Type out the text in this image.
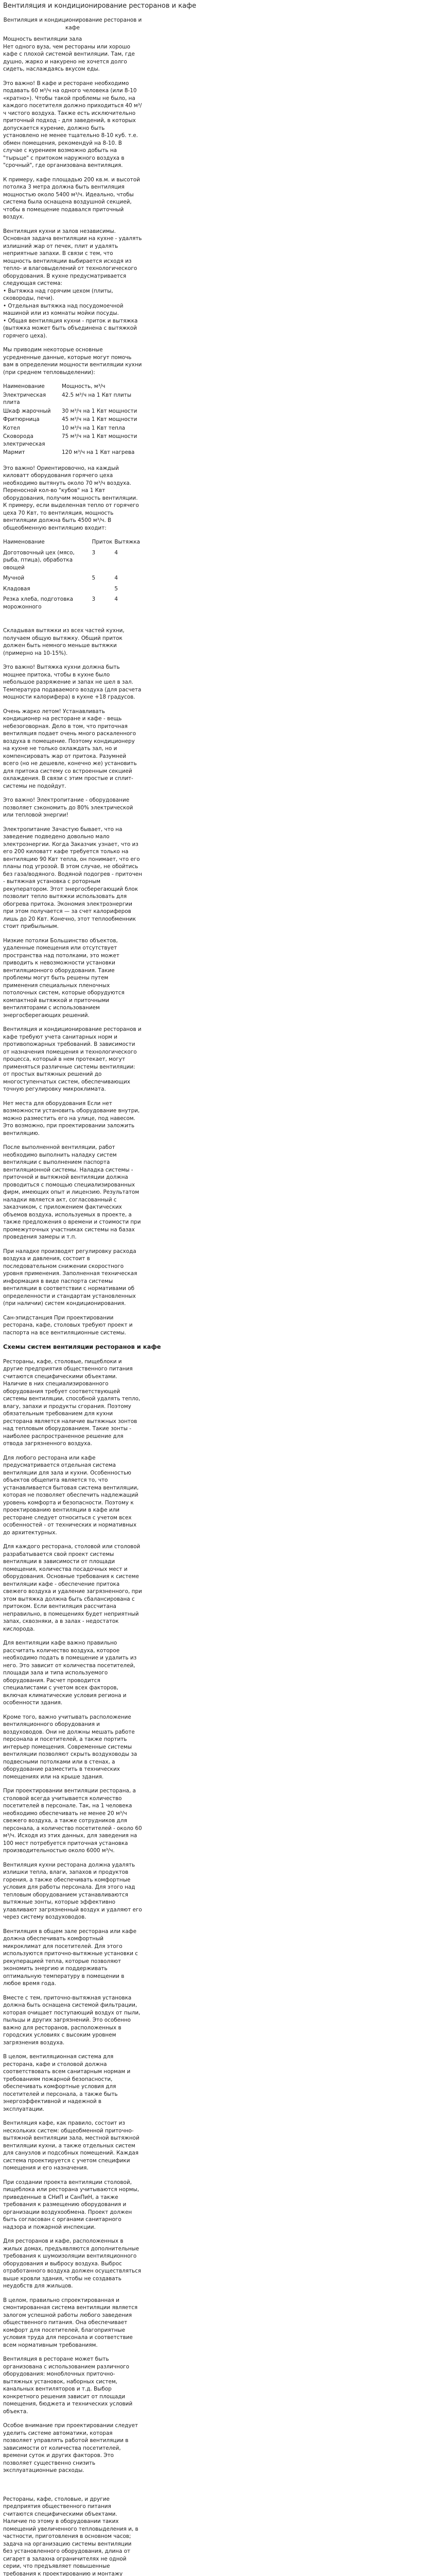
Вентиляция и кондиционирование ресторанов и кафе
Вентиляция и кондиционирование ресторанов и кафе

Мощность вентиляции зала
Нет одного вуза, чем рестораны или хорошо кафе с плохой системой вентиляции. Там, где душно, жарко и накурено не хочется долго сидеть, наслаждаясь вкусом еды.

Это важно! В кафе и ресторане необходимо подавать 60 м³/ч на одного человека (или 8-10 «кратно»). Чтобы такой проблемы не было, на каждого посетителя должно приходиться 40 м³/ч чистого воздуха. Также есть исключительно приточный подход - для заведений, в которых допускается курение, должно быть установлено не менее тщательно 8-10 куб. т.е. обмен помещения, рекомендуй на 8-10. В случае с курением возможно добыть на "тырьце" с притоком наружного воздуха в "срочный", где организована вентиляция.

К примеру, кафе площадью 200 кв.м. и высотой потолка 3 метра должна быть вентиляция мощностью около 5400 м³/ч. Идеально, чтобы система была оснащена воздушной секцией, чтобы в помещение подавался приточный воздух.

Вентиляция кухни и залов независимы. Основная задача вентиляции на кухне - удалять излишний жар от печек, плит и удалять неприятные запахи. В связи с тем, что мощность вентиляции выбирается исходя из тепло- и влаговыделений от технологического оборудования. В кухне предусматривается следующая система:
• Вытяжка над горячим цехом (плиты, сковороды, печи).
• Отдельная вытяжка над посудомоечной машиной или из комнаты мойки посуды.
• Общая вентиляция кухни - приток и вытяжка (вытяжка может быть объединена с вытяжкой горячего цеха).

Мы приводим некоторые основные усредненные данные, которые могут помочь вам в определении мощности вентиляции кухни (при среднем тепловыделении):

Наименование	Мощность, м³/ч
Электрическая плита	42.5 м³/ч на 1 Квт плиты
Шкаф жарочный	30 м³/ч на 1 Квт мощности
Фритюрница	45 м³/ч на 1 Квт мощности
Котел	10 м³/ч на 1 Квт тепла
Сковорода электрическая	75 м³/ч на 1 Квт мощности
Мармит	120 м³/ч на 1 Квт нагрева

Это важно! Ориентировочно, на каждый киловатт оборудования горячего цеха необходимо вытянуть около 70 м³/ч воздуха. Переносной кол-во "кубов" на 1 Квт оборудования, получим мощность вентиляции. К примеру, если выделенная тепло от горячего цеха 70 Квт, то вентиляция, мощность вентиляции должна быть 4500 м³/ч. В общеобменную вентиляцию входит:

Наименование	Приток	Вытяжка
Доготовочный цех (мясо, рыба, птица), обработка овощей	3	4
Мучной	5	4
Кладовая		5
Резка хлеба, подготовка морожонного	3	4

Складывая вытяжки из всех частей кухни, получаем общую вытяжку. Общий приток должен быть немного меньше вытяжки (примерно на 10-15%).

Это важно! Вытяжка кухни должна быть мощнее притока, чтобы в кухне было небольшое разряжение и запах не шел в зал. Температура подаваемого воздуха (для расчета мощности калорифера) в кухне +18 градусов.

Очень жарко летом! Устанавливать кондиционер на ресторане и кафе - вещь небезоговорная. Дело в том, что приточная вентиляция подает очень много раскаленного воздуха в помещение. Поэтому кондиционеру на кухне не только охлаждать зал, но и компенсировать жар от притока. Разумней всего (но не дешевле, конечно же) установить для притока систему со встроенным секцией охлаждения. В связи с этим простые и сплит-системы не подойдут.

Это важно! Электропитание - оборудование позволяет сэкономить до 80% электрической или тепловой энергии!

Электропитание Зачастую бывает, что на заведение подведено довольно мало электроэнергии. Когда Заказчик узнает, что из его 200 киловатт кафе требуется только на вентиляцию 90 Квт тепла, он понимает, что его планы под угрозой. В этом случае, не обойтись без газа/водяного. Водяной подогрев - приточен - вытяжная установка с роторным рекуператором. Этот энергосберегающий блок позволит тепло вытяжки использовать для обогрева притока. Экономия электроэнергии при этом получается — за счет калориферов лишь до 20 Квт. Конечно, этот теплообменник стоит прибыльным.

Низкие потолки Большинство объектов, удаленные помещения или отсутствует пространства над потолками, это может приводить к невозможности установки вентиляционного оборудования. Такие проблемы могут быть решены путем применения специальных пленочных потолочных систем, которые оборудуются компактной вытяжкой и приточными вентиляторами с использованием энергосберегающих решений.

Вентиляция и кондиционирование ресторанов и кафе требуют учета санитарных норм и противопожарных требований. В зависимости от назначения помещения и технологического процесса, который в нем протекает, могут применяться различные системы вентиляции: от простых вытяжных решений до многоступенчатых систем, обеспечивающих точную регулировку микроклимата.

Нет места для оборудования Если нет возможности установить оборудование внутри, можно разместить его на улице, под навесом. Это возможно, при проектировании заложить вентиляцию.

После выполненной вентиляции, работ необходимо выполнить наладку систем вентиляции с выполнением паспорта вентиляционной системы. Наладка системы - приточной и вытяжной вентиляции должна проводиться с помощью специализированных фирм, имеющих опыт и лицензию. Результатом наладки является акт, согласованный с заказчиком, с приложением фактических объемов воздуха, используемых в проекте, а также предложения о времени и стоимости при промежуточных участниках системы на базах проведения замеры и т.п.

При наладке производят регулировку расхода воздуха и давления, состоит в последовательном снижении скоростного уровня применения. Заполненная техническая информация в виде паспорта системы вентиляции в соответствии с нормативами об определенности и стандартам установленных (при наличии) систем кондиционирования.

Сан-эпидстанция При проектировании ресторана, кафе, столовых требуют проект и паспорта на все вентиляционные системы.

Схемы систем вентиляции ресторанов и кафе

Рестораны, кафе, столовые, пищеблоки и другие предприятия общественного питания считаются специфическими объектами. Наличие в них специализированного оборудования требует соответствующей системы вентиляции, способной удалять тепло, влагу, запахи и продукты сгорания. Поэтому обязательным требованием для кухни ресторана является наличие вытяжных зонтов над тепловым оборудованием. Такие зонты - наиболее распространенное решение для отвода загрязненного воздуха.

Для любого ресторана или кафе предусматривается отдельная система вентиляции для зала и кухни. Особенностью объектов общепита является то, что устанавливается бытовая система вентиляции, которая не позволяет обеспечить надлежащий уровень комфорта и безопасности. Поэтому к проектированию вентиляции в кафе или ресторане следует относиться с учетом всех особенностей - от технических и нормативных до архитектурных.

Для каждого ресторана, столовой или столовой разрабатывается свой проект системы вентиляции в зависимости от площади помещения, количества посадочных мест и оборудования. Основные требования к системе вентиляции кафе - обеспечение притока свежего воздуха и удаление загрязненного, при этом вытяжка должна быть сбалансирована с притоком. Если вентиляция рассчитана неправильно, в помещениях будет неприятный запах, сквозняки, а в залах - недостаток кислорода.

Для вентиляции кафе важно правильно рассчитать количество воздуха, которое необходимо подать в помещение и удалить из него. Это зависит от количества посетителей, площади зала и типа используемого оборудования. Расчет проводится специалистами с учетом всех факторов, включая климатические условия региона и особенности здания.

Кроме того, важно учитывать расположение вентиляционного оборудования и воздуховодов. Они не должны мешать работе персонала и посетителей, а также портить интерьер помещения. Современные системы вентиляции позволяют скрыть воздуховоды за подвесными потолками или в стенах, а оборудование разместить в технических помещениях или на крыше здания.

При проектировании вентиляции ресторана, а столовой всегда учитывается количество посетителей в персонале. Так, на 1 человека необходимо обеспечивать не менее 20 м³/ч свежего воздуха, а также сотрудников для персонала, а количество посетителей - около 60 м³/ч. Исходя из этих данных, для заведения на 100 мест потребуется приточная установка производительностью около 6000 м³/ч.

Вентиляция кухни ресторана должна удалять излишки тепла, влаги, запахов и продуктов горения, а также обеспечивать комфортные условия для работы персонала. Для этого над тепловым оборудованием устанавливаются вытяжные зонты, которые эффективно улавливают загрязненный воздух и удаляют его через систему воздуховодов.

Вентиляция в общем зале ресторана или кафе должна обеспечивать комфортный микроклимат для посетителей. Для этого используются приточно-вытяжные установки с рекуперацией тепла, которые позволяют экономить энергию и поддерживать оптимальную температуру в помещении в любое время года.

Вместе с тем, приточно-вытяжная установка должна быть оснащена системой фильтрации, которая очищает поступающий воздух от пыли, пыльцы и других загрязнений. Это особенно важно для ресторанов, расположенных в городских условиях с высоким уровнем загрязнения воздуха.

В целом, вентиляционная система для ресторана, кафе и столовой должна соответствовать всем санитарным нормам и требованиям пожарной безопасности, обеспечивать комфортные условия для посетителей и персонала, а также быть энергоэффективной и надежной в эксплуатации.

Вентиляция кафе, как правило, состоит из нескольких систем: общеобменной приточно-вытяжной вентиляции зала, местной вытяжной вентиляции кухни, а также отдельных систем для санузлов и подсобных помещений. Каждая система проектируется с учетом специфики помещения и его назначения.

При создании проекта вентиляции столовой, пищеблока или ресторана учитываются нормы, приведенные в СНиП и СанПиН, а также требования к размещению оборудования и организации воздухообмена. Проект должен быть согласован с органами санитарного надзора и пожарной инспекции.

Для ресторанов и кафе, расположенных в жилых домах, предъявляются дополнительные требования к шумоизоляции вентиляционного оборудования и выбросу воздуха. Выброс отработанного воздуха должен осуществляться выше кровли здания, чтобы не создавать неудобств для жильцов.

В целом, правильно спроектированная и смонтированная система вентиляции является залогом успешной работы любого заведения общественного питания. Она обеспечивает комфорт для посетителей, благоприятные условия труда для персонала и соответствие всем нормативным требованиям.

Вентиляция в ресторане может быть организована с использованием различного оборудования: моноблочных приточно-вытяжных установок, наборных систем, канальных вентиляторов и т.д. Выбор конкретного решения зависит от площади помещения, бюджета и технических условий объекта.

Особое внимание при проектировании следует уделить системе автоматики, которая позволяет управлять работой вентиляции в зависимости от количества посетителей, времени суток и других факторов. Это позволяет существенно снизить эксплуатационные расходы.

Рестораны, кафе, столовые, и другие предприятия общественного питания считаются специфическими объектами. Наличие по этому в оборудовании таких помещений увеличенного тепловыделения и, в частности, приготовления в основном часов; задача на организацию системы вентиляции без установленного оборудования, длина от сигарет в залахна ограничителях не одной серии, что предъявляет повышенные требования к проектированию и монтажу
